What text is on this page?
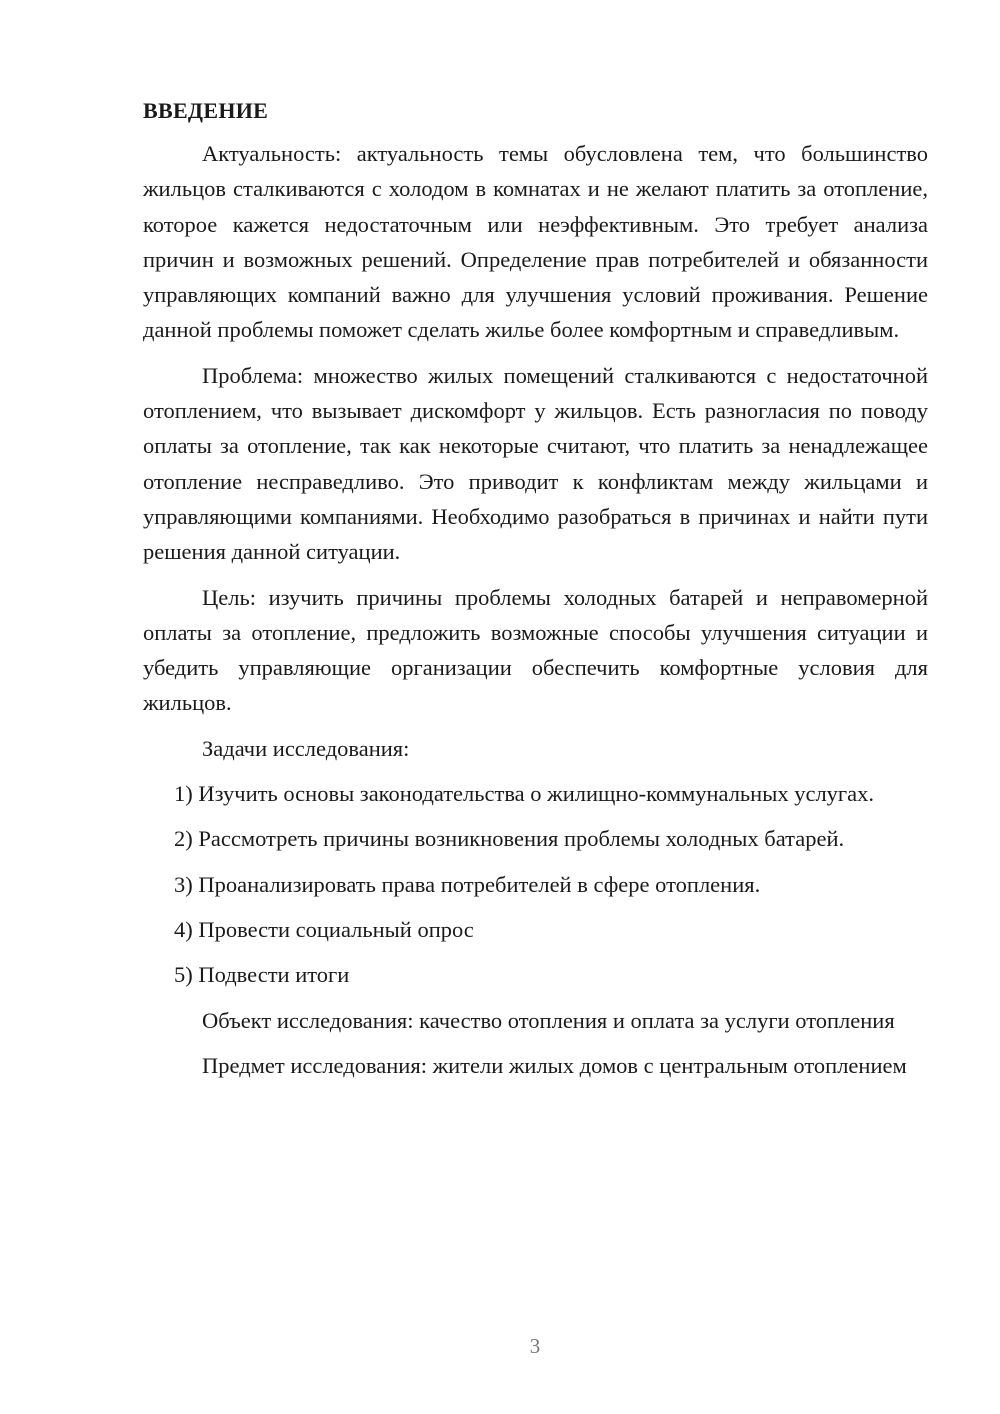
ВВЕДЕНИЕ

Актуальность: актуальность темы обусловлена тем, что большинство жильцов сталкиваются с холодом в комнатах и не желают платить за отопление, которое кажется недостаточным или неэффективным. Это требует анализа причин и возможных решений. Определение прав потребителей и обязанности управляющих компаний важно для улучшения условий проживания. Решение данной проблемы поможет сделать жилье более комфортным и справедливым.

Проблема: множество жилых помещений сталкиваются с недостаточной отоплением, что вызывает дискомфорт у жильцов. Есть разногласия по поводу оплаты за отопление, так как некоторые считают, что платить за ненадлежащее отопление несправедливо. Это приводит к конфликтам между жильцами и управляющими компаниями. Необходимо разобраться в причинах и найти пути решения данной ситуации.

Цель: изучить причины проблемы холодных батарей и неправомерной оплаты за отопление, предложить возможные способы улучшения ситуации и убедить управляющие организации обеспечить комфортные условия для жильцов.

Задачи исследования:

1) Изучить основы законодательства о жилищно-коммунальных услугах.

2) Рассмотреть причины возникновения проблемы холодных батарей.

3) Проанализировать права потребителей в сфере отопления.

4) Провести социальный опрос

5) Подвести итоги

Объект исследования: качество отопления и оплата за услуги отопления

Предмет исследования: жители жилых домов с центральным отоплением

3
